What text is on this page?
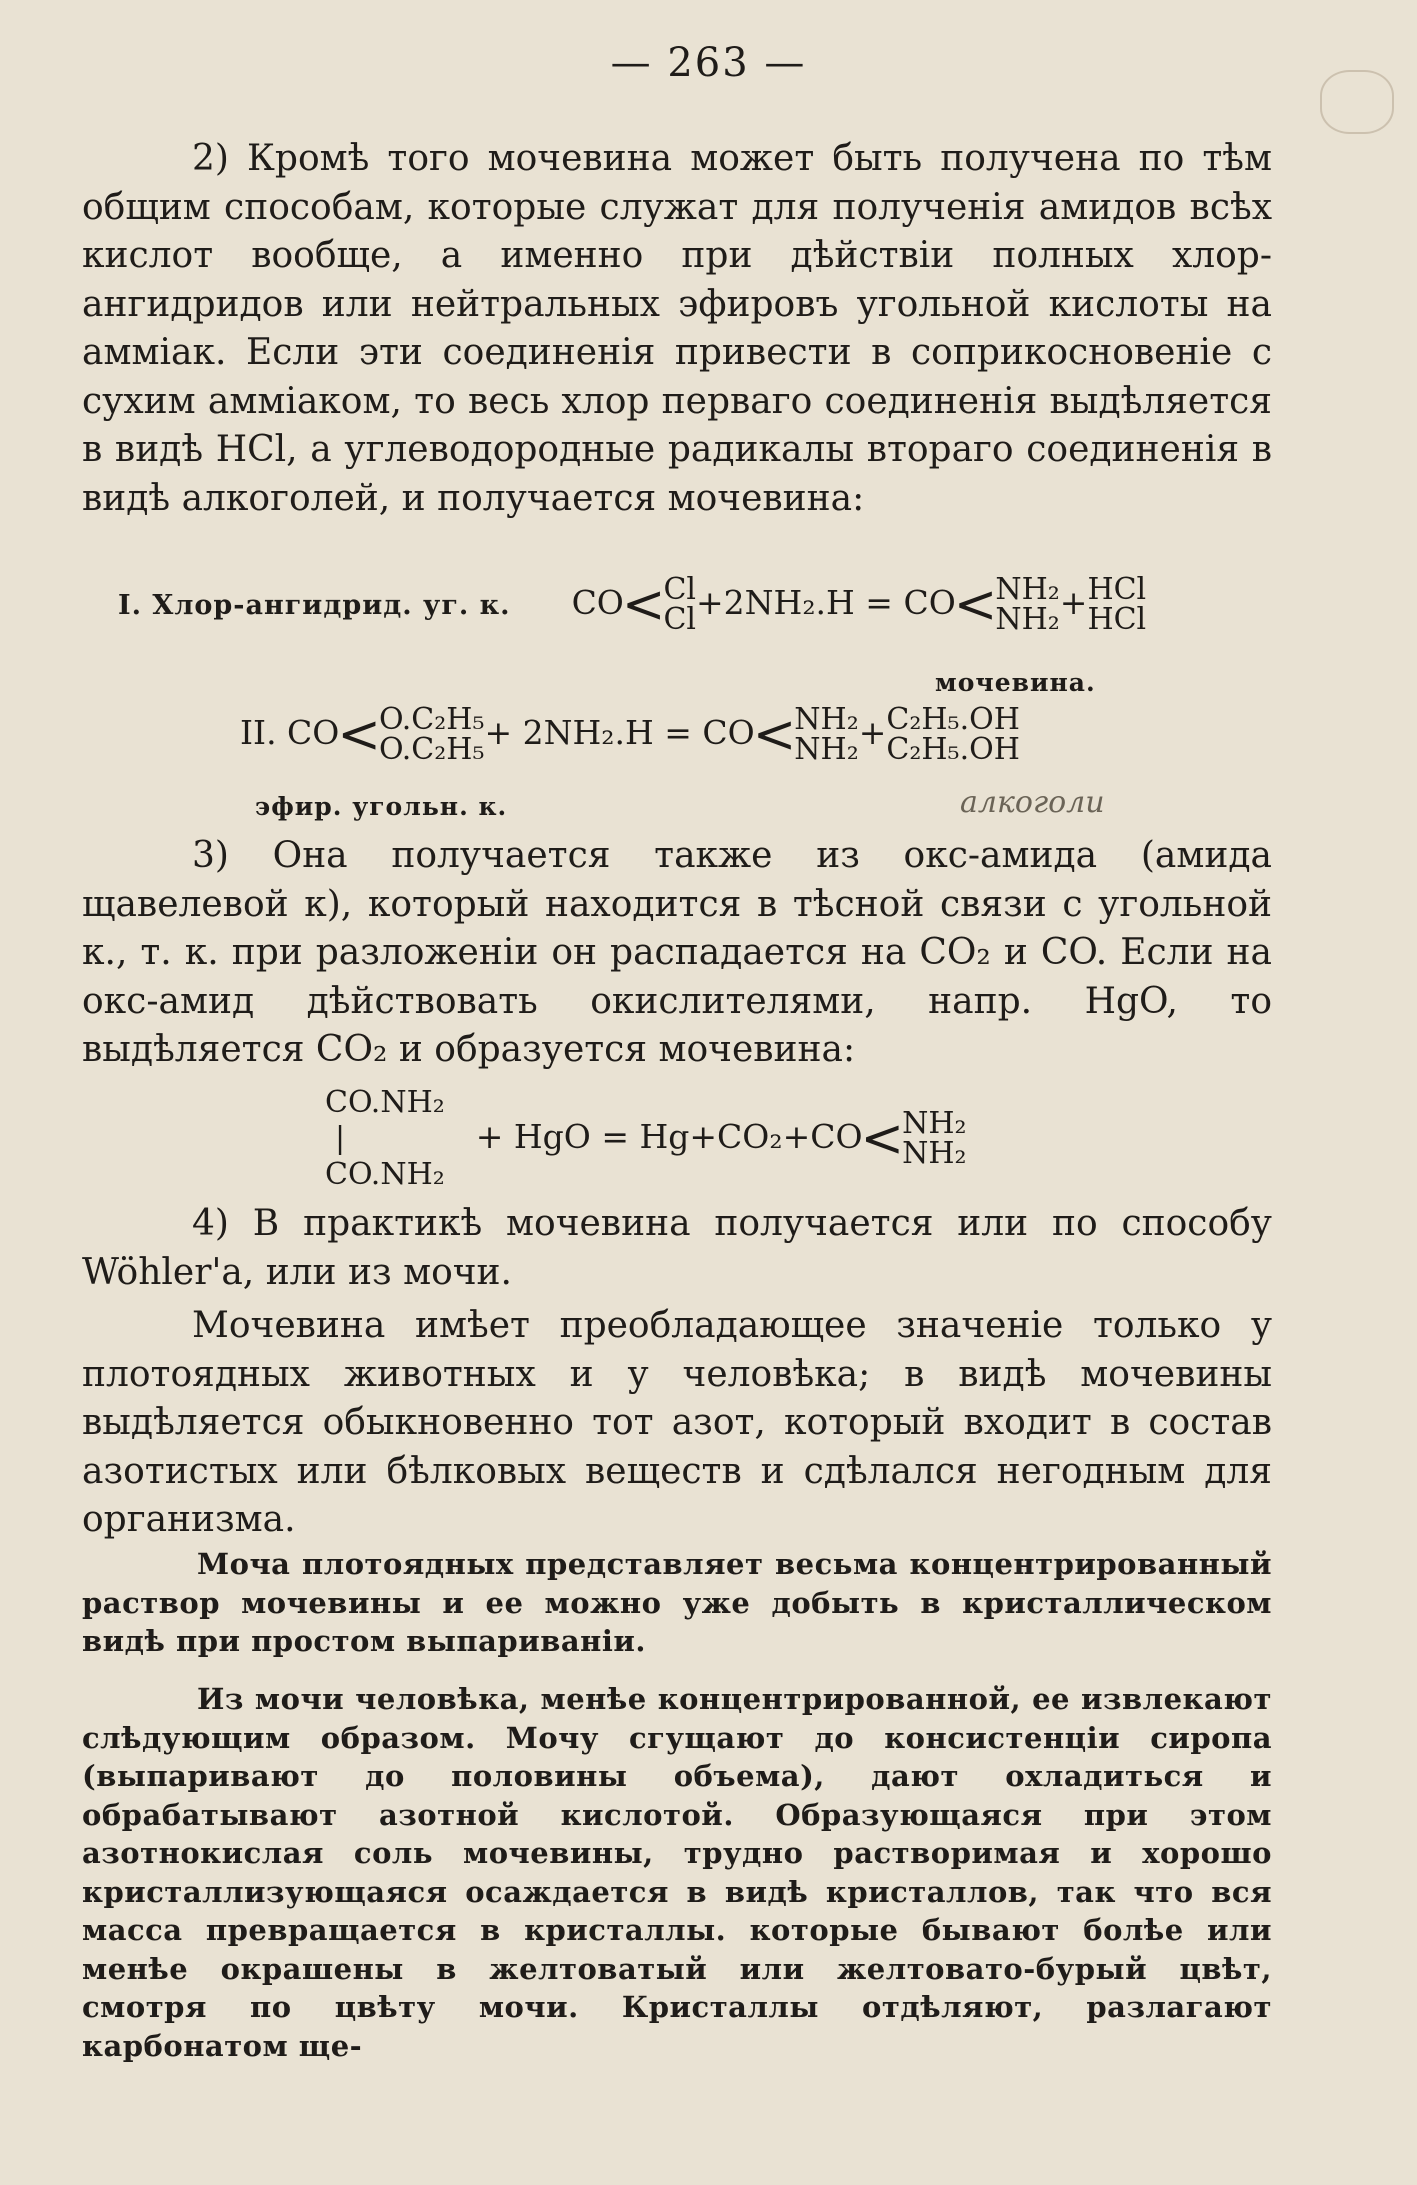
— 263 —

2) Кромѣ того мочевина может быть получена по тѣм общим способам, которые служат для полученія амидов всѣх кислот вообще, а именно при дѣйствіи полных хлор-ангидридов или нейтральных эфировъ угольной кислоты на амміак. Если эти соединенія привести в соприкосновеніе с сухим амміаком, то весь хлор перваго соединенія выдѣляется в видѣ HCl, а углеводородные радикалы втораго соединенія в видѣ алкоголей, и получается мочевина:

I. Хлор-ангидрид. уг. к. CO<
Cl
Cl +2NH₂.H = CO<
NH₂
NH₂ + HCl
HCl
мочевина.
II. CO<
O.C₂H₅
O.C₂H₅ + 2NH₂.H = CO<
NH₂
NH₂ + C₂H₅.OH
C₂H₅.OH
эфир. угольн. к.	алкоголи

3) Она получается также из окс-амида (амида щавелевой к), который находится в тѣсной связи с угольной к., т. к. при разложеніи он распадается на CO₂ и CO. Если на окс-амид дѣйствовать окислителями, напр. HgO, то выдѣляется CO₂ и образуется мочевина:

CO.NH₂
|
CO.NH₂
+ HgO = Hg+CO₂+CO<
NH₂
NH₂

4) В практикѣ мочевина получается или по способу Wöhler'a, или из мочи.

Мочевина имѣет преобладающее значеніе только у плотоядных животных и у человѣка; в видѣ мочевины выдѣляется обыкновенно тот азот, который входит в состав азотистых или бѣлковых веществ и сдѣлался негодным для организма.

Моча плотоядных представляет весьма концентрированный раствор мочевины и ее можно уже добыть в кристаллическом видѣ при простом выпариваніи.

Из мочи человѣка, менѣе концентрированной, ее извлекают слѣдующим образом. Мочу сгущают до консистенціи сиропа (выпаривают до половины объема), дают охладиться и обрабатывают азотной кислотой. Образующаяся при этом азотнокислая соль мочевины, трудно растворимая и хорошо кристаллизующаяся осаждается в видѣ кристаллов, так что вся масса превращается в кристаллы. которые бывают болѣе или менѣе окрашены в желтоватый или желтовато-бурый цвѣт, смотря по цвѣту мочи. Кристаллы отдѣляют, разлагают карбонатом ще-
